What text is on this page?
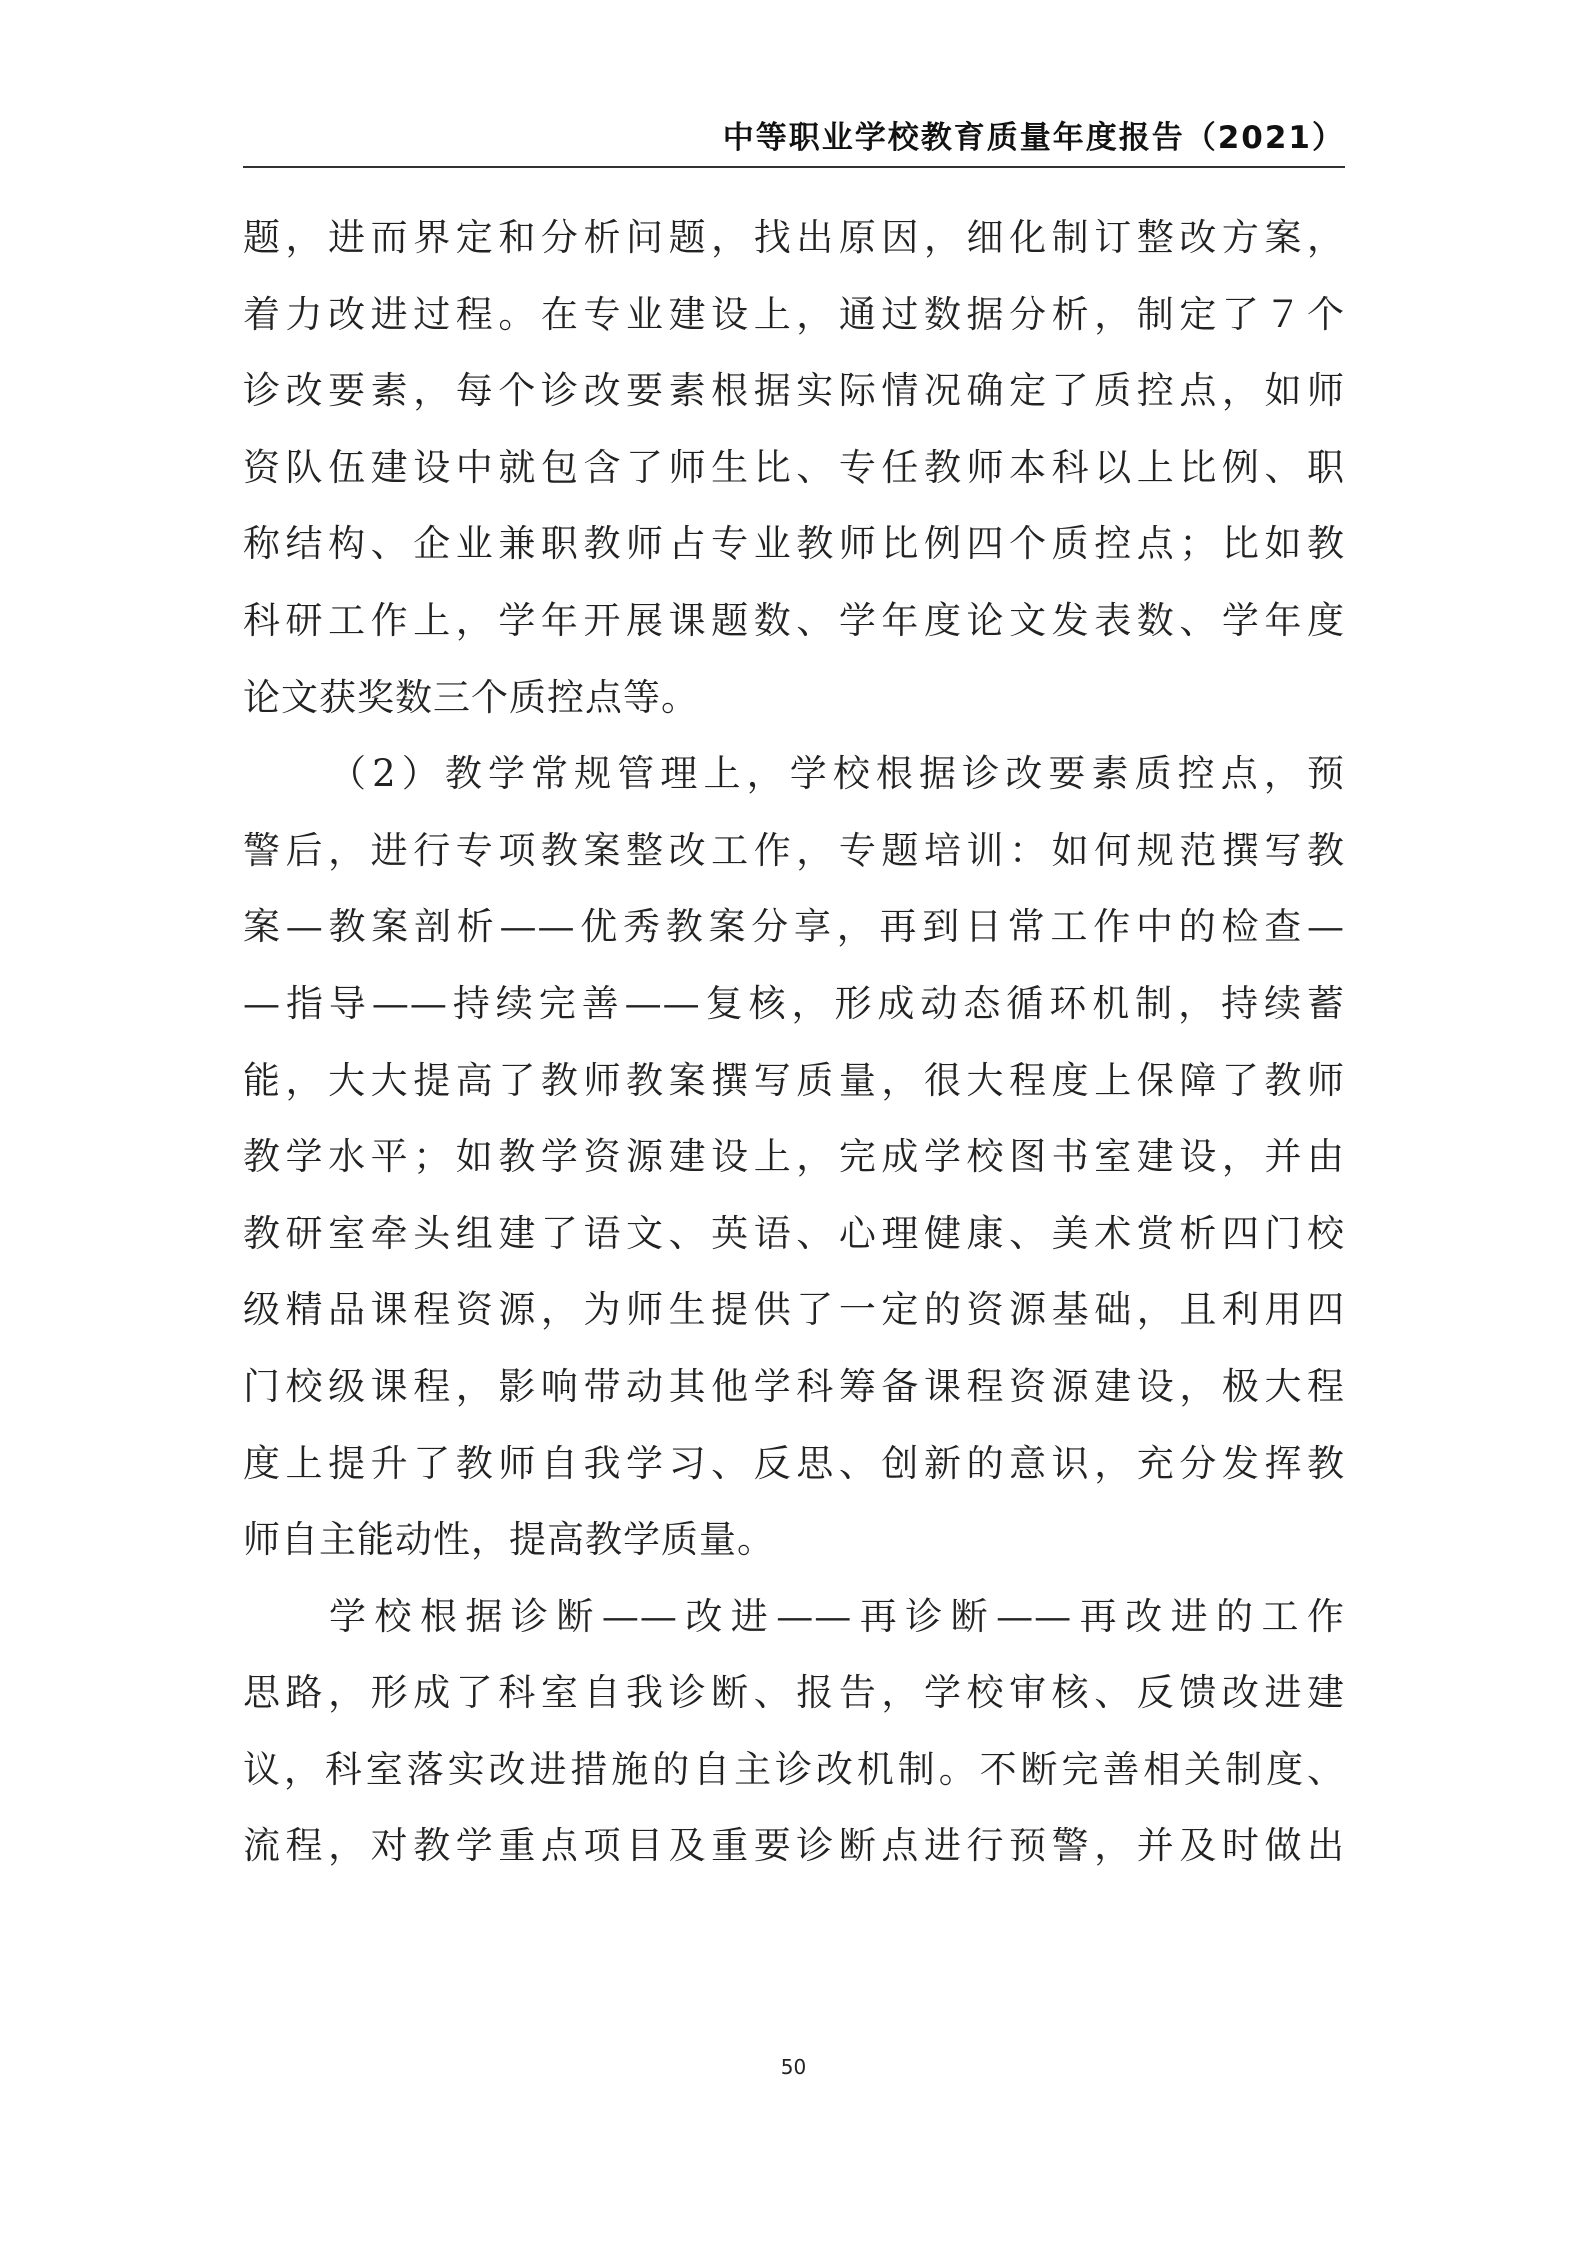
中等职业学校教育质量年度报告（2021）
题，进而界定和分析问题，找出原因，细化制订整改方案，
着力改进过程。在专业建设上，通过数据分析，制定了７个
诊改要素，每个诊改要素根据实际情况确定了质控点，如师
资队伍建设中就包含了师生比、专任教师本科以上比例、职
称结构、企业兼职教师占专业教师比例四个质控点；比如教
科研工作上，学年开展课题数、学年度论文发表数、学年度
论文获奖数三个质控点等。
（2）教学常规管理上，学校根据诊改要素质控点，预
警后，进行专项教案整改工作，专题培训：如何规范撰写教
案—教案剖析——优秀教案分享，再到日常工作中的检查—
—指导——持续完善——复核，形成动态循环机制，持续蓄
能，大大提高了教师教案撰写质量，很大程度上保障了教师
教学水平；如教学资源建设上，完成学校图书室建设，并由
教研室牵头组建了语文、英语、心理健康、美术赏析四门校
级精品课程资源，为师生提供了一定的资源基础，且利用四
门校级课程，影响带动其他学科筹备课程资源建设，极大程
度上提升了教师自我学习、反思、创新的意识，充分发挥教
师自主能动性，提高教学质量。
学校根据诊断——改进——再诊断——再改进的工作
思路，形成了科室自我诊断、报告，学校审核、反馈改进建
议，科室落实改进措施的自主诊改机制。不断完善相关制度、
流程，对教学重点项目及重要诊断点进行预警，并及时做出
50
